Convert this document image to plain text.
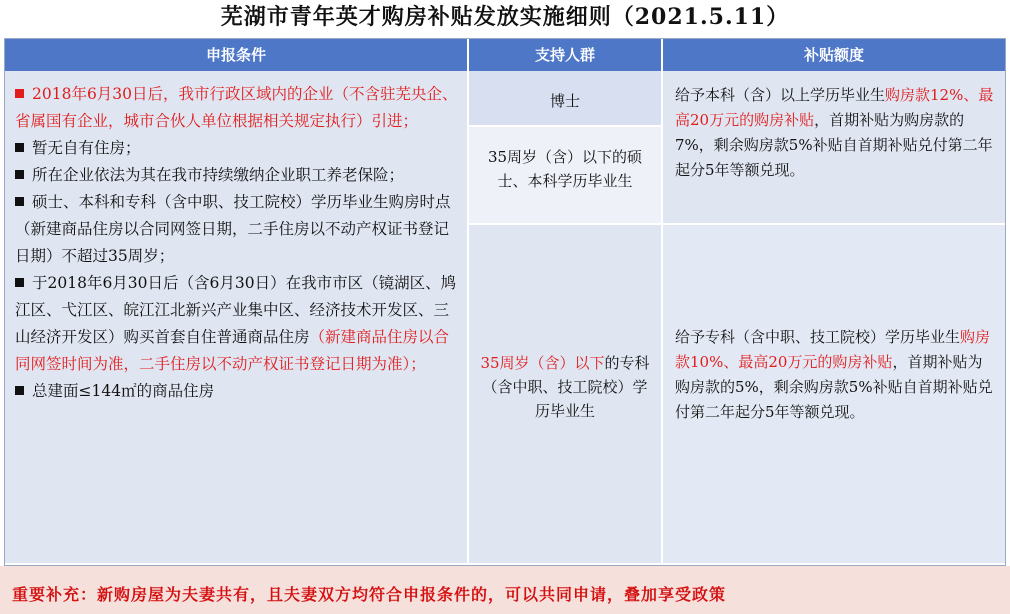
芜湖市青年英才购房补贴发放实施细则（2021.5.11）
申报条件	支持人群	补贴额度
博士
35周岁（含）以下的硕士、本科学历毕业生
35周岁（含）以下的专科（含中职、技工院校）学历毕业生
给予本科（含）以上学历毕业生购房款12%、最高20万元的购房补贴，首期补贴为购房款的7%，剩余购房款5%补贴自首期补贴兑付第二年起分5年等额兑现。
给予专科（含中职、技工院校）学历毕业生购房款10%、最高20万元的购房补贴，首期补贴为购房款的5%，剩余购房款5%补贴自首期补贴兑付第二年起分5年等额兑现。
2018年6月30日后，我市行政区域内的企业（不含驻芜央企、省属国有企业，城市合伙人单位根据相关规定执行）引进；
暂无自有住房；
所在企业依法为其在我市持续缴纳企业职工养老保险；
硕士、本科和专科（含中职、技工院校）学历毕业生购房时点（新建商品住房以合同网签日期，二手住房以不动产权证书登记日期）不超过35周岁；
于2018年6月30日后（含6月30日）在我市市区（镜湖区、鸠江区、弋江区、皖江江北新兴产业集中区、经济技术开发区、三山经济开发区）购买首套自住普通商品住房（新建商品住房以合同网签时间为准，二手住房以不动产权证书登记日期为准）；
总建面≤144㎡的商品住房
重要补充：新购房屋为夫妻共有，且夫妻双方均符合申报条件的，可以共同申请，叠加享受政策
